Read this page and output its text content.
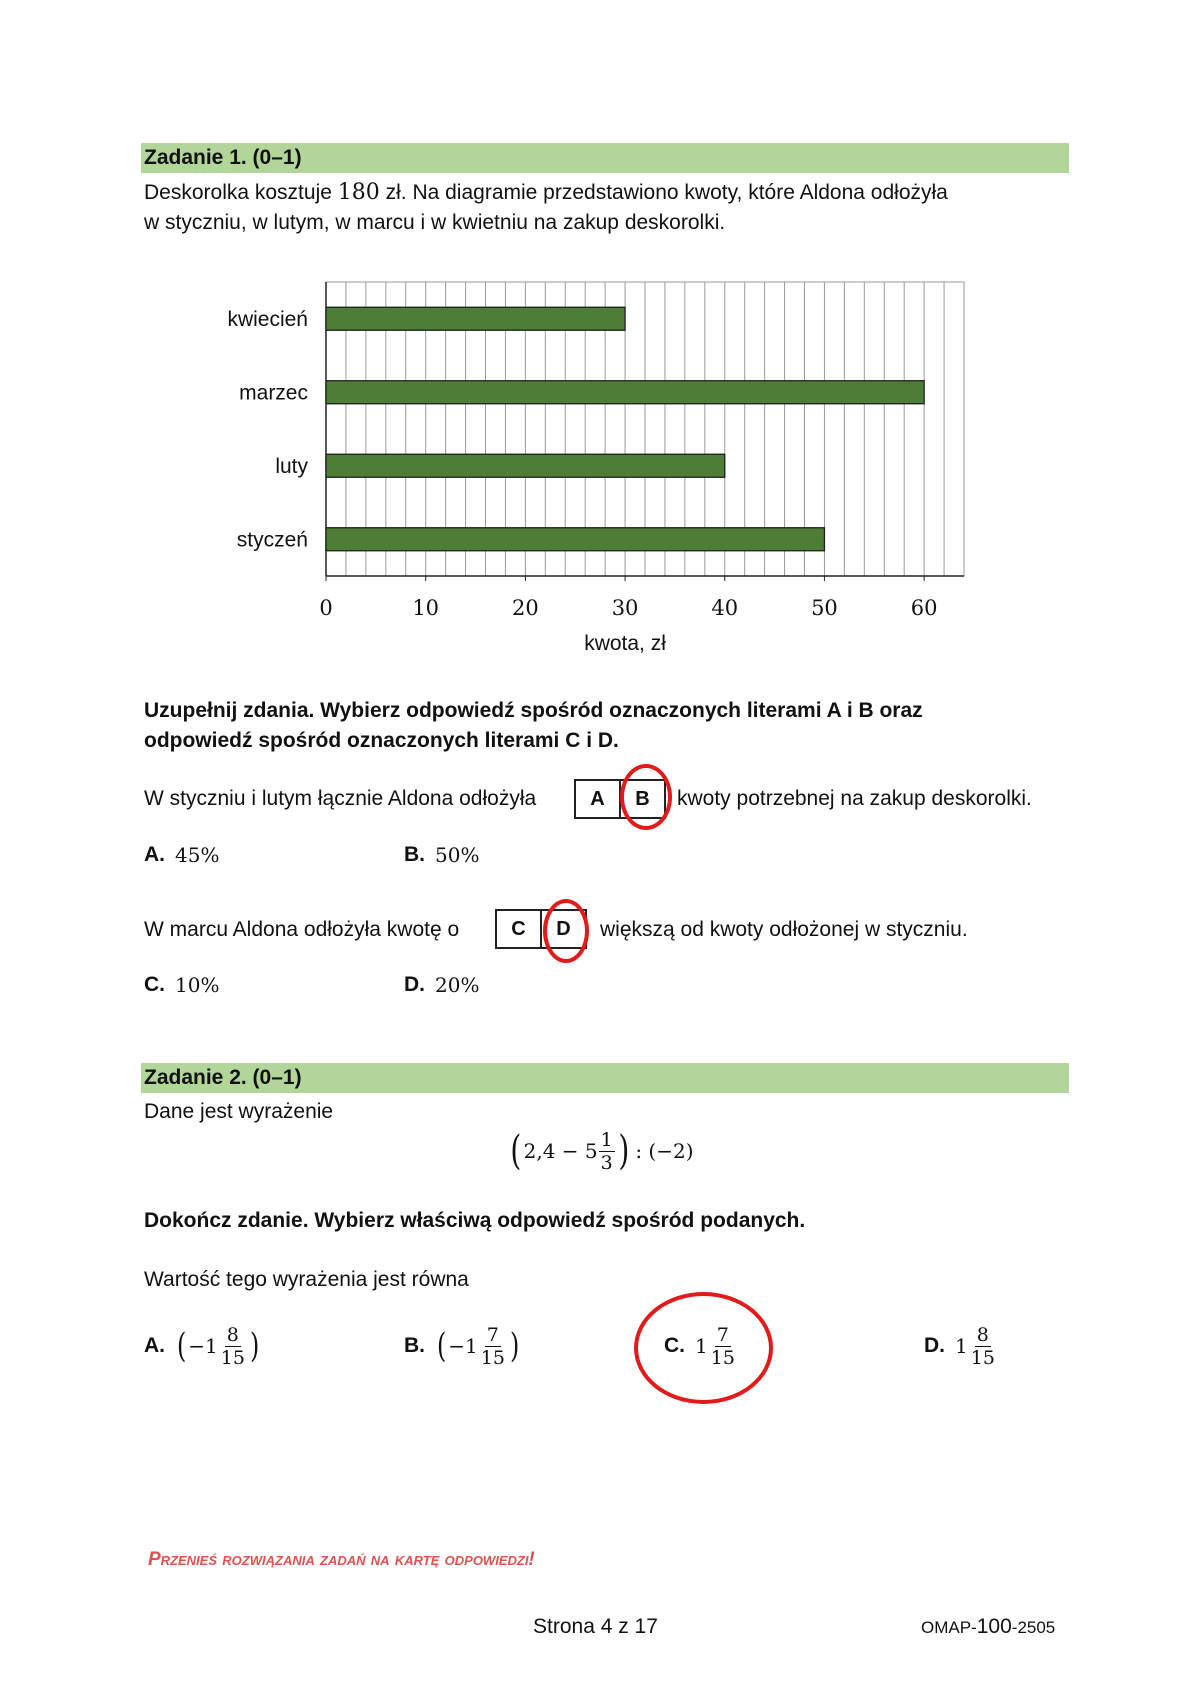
Zadanie 1. (0–1)
Deskorolka kosztuje 180 zł. Na diagramie przedstawiono kwoty, które Aldona odłożyła
w styczniu, w lutym, w marcu i w kwietniu na zakup deskorolki.
kwiecień
marzec
luty
styczeń
0	10	20	30	40	50	60
kwota, zł
Uzupełnij zdania. Wybierz odpowiedź spośród oznaczonych literami A i B oraz
odpowiedź spośród oznaczonych literami C i D.
W styczniu i lutym łącznie Aldona odłożyła	A	B	kwoty potrzebnej na zakup deskorolki.
A. 45%	B. 50%
W marcu Aldona odłożyła kwotę o	C	D	większą od kwoty odłożonej w styczniu.
C. 10%	D. 20%
Zadanie 2. (0–1)
Dane jest wyrażenie
( $2,4 - 5 \frac{1}{3}$ ) : (−2)
Dokończ zdanie. Wybierz właściwą odpowiedź spośród podanych.
Wartość tego wyrażenia jest równa
A. ( $-1 \frac{8}{15}$ )	B. ( $-1 \frac{7}{15}$ )	C. $1 \frac{7}{15}$	D. $1 \frac{8}{15}$
Przenieś rozwiązania zadań na kartę odpowiedzi!
Strona 4 z 17	OMAP-100-2505
